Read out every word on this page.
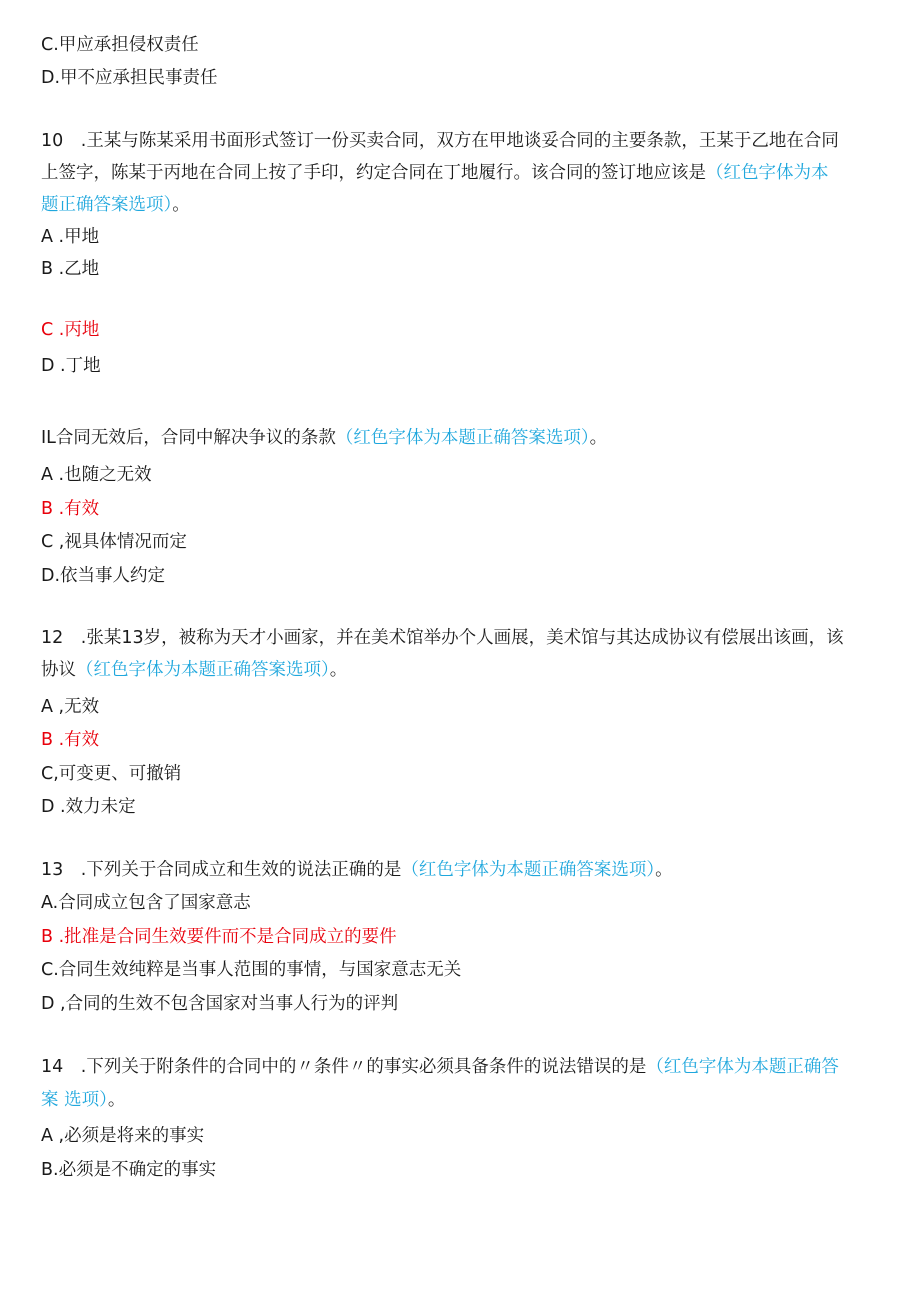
C.甲应承担侵权责任
D.甲不应承担民事责任
10　.王某与陈某采用书面形式签订一份买卖合同，双方在甲地谈妥合同的主要条款，王某于乙地在合同
上签字，陈某于丙地在合同上按了手印，约定合同在丁地履行。该合同的签订地应该是（红色字体为本
题正确答案选项）。
A .甲地
B .乙地
C .丙地
D .丁地
IL合同无效后，合同中解决争议的条款（红色字体为本题正确答案选项）。
A .也随之无效
B .有效
C ,视具体情况而定
D.依当事人约定
12　.张某13岁，被称为天才小画家，并在美术馆举办个人画展，美术馆与其达成协议有偿展出该画，该
协议（红色字体为本题正确答案选项）。
A ,无效
B .有效
C,可变更、可撤销
D .效力未定
13　.下列关于合同成立和生效的说法正确的是（红色字体为本题正确答案选项）。
A.合同成立包含了国家意志
B .批准是合同生效要件而不是合同成立的要件
C.合同生效纯粹是当事人范围的事情，与国家意志无关
D ,合同的生效不包含国家对当事人行为的评判
14　.下列关于附条件的合同中的〃条件〃的事实必须具备条件的说法错误的是（红色字体为本题正确答
案 选项）。
A ,必须是将来的事实
B.必须是不确定的事实
